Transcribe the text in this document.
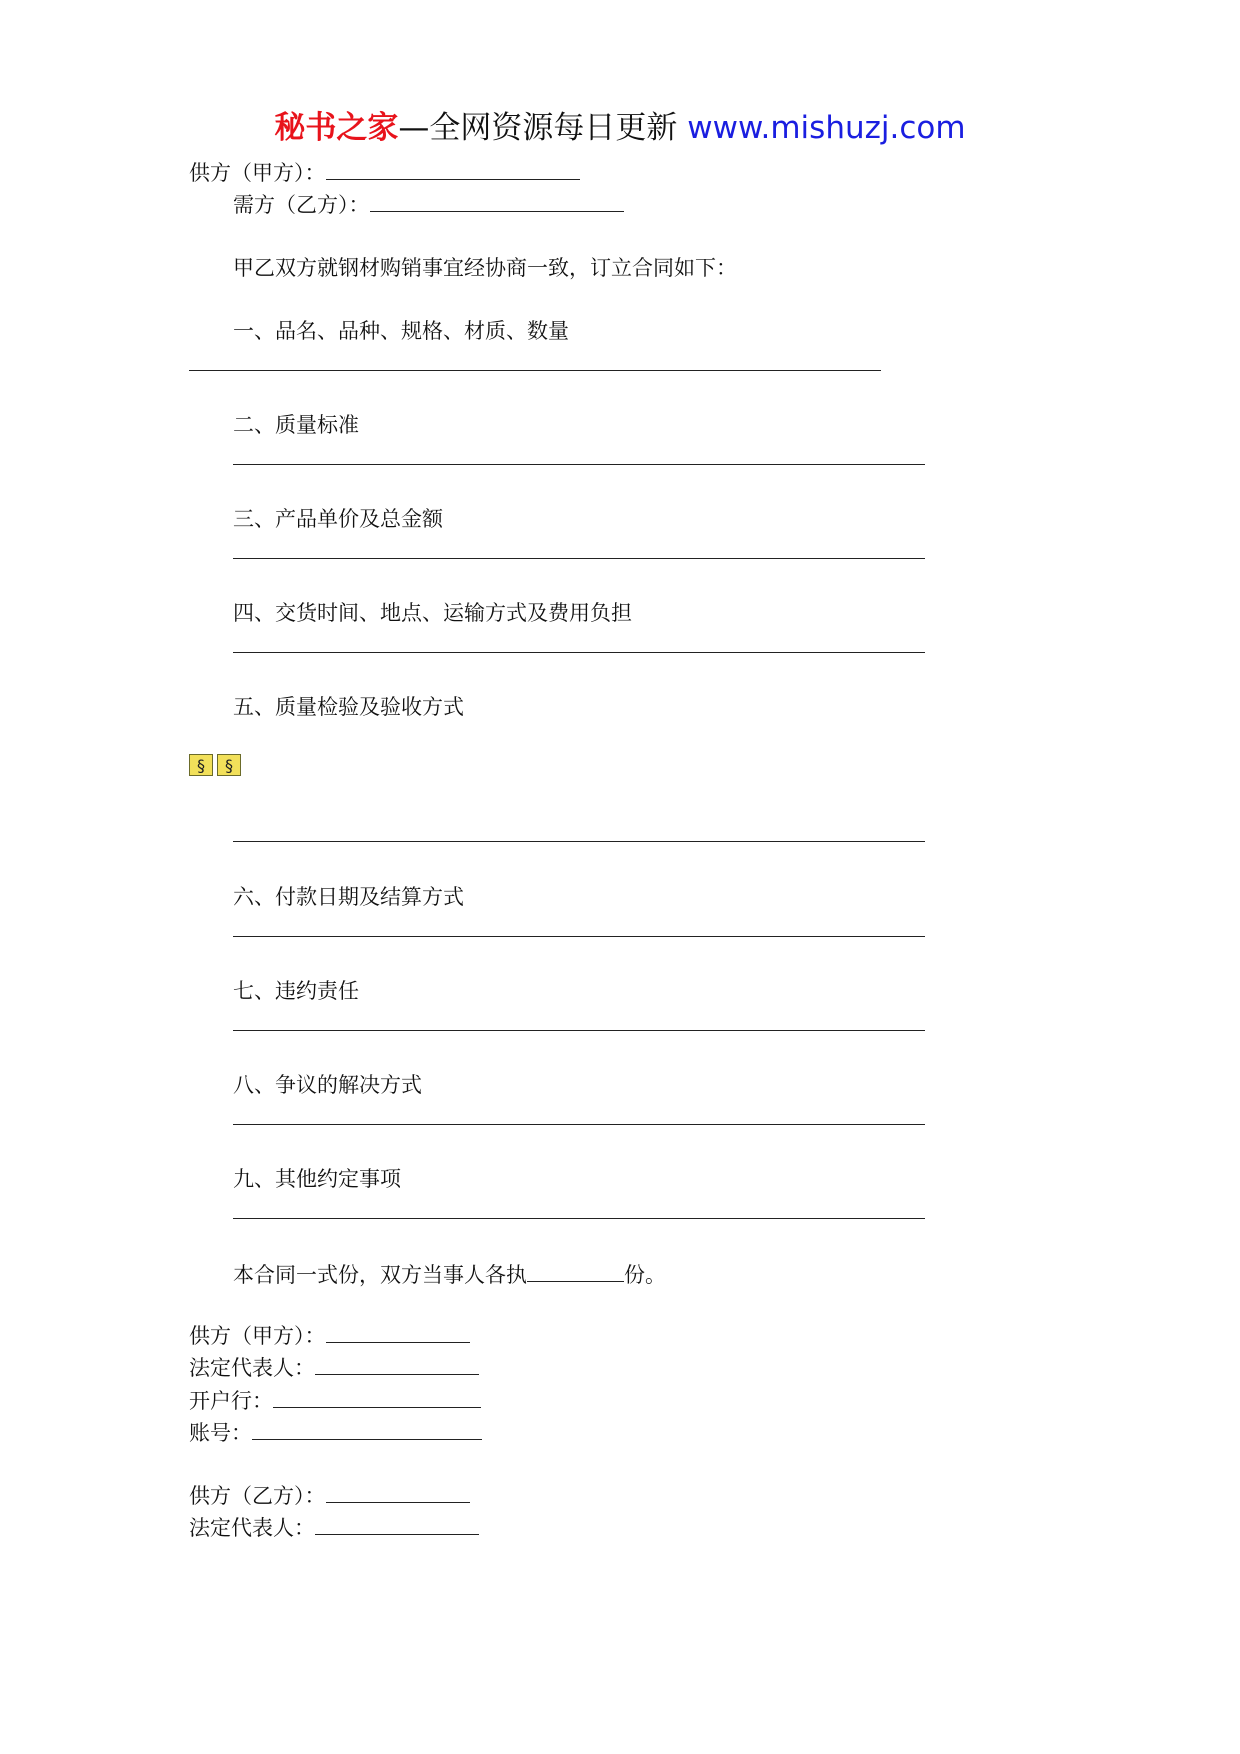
秘书之家—全网资源每日更新 www.mishuzj.com
供方（甲方）：
需方（乙方）：
甲乙双方就钢材购销事宜经协商一致，订立合同如下：
一、品名、品种、规格、材质、数量
二、质量标准
三、产品单价及总金额
四、交货时间、地点、运输方式及费用负担
五、质量检验及验收方式
§	§
六、付款日期及结算方式
七、违约责任
八、争议的解决方式
九、其他约定事项
本合同一式份，双方当事人各执	份。
供方（甲方）：
法定代表人：
开户行：
账号：
供方（乙方）：
法定代表人：
